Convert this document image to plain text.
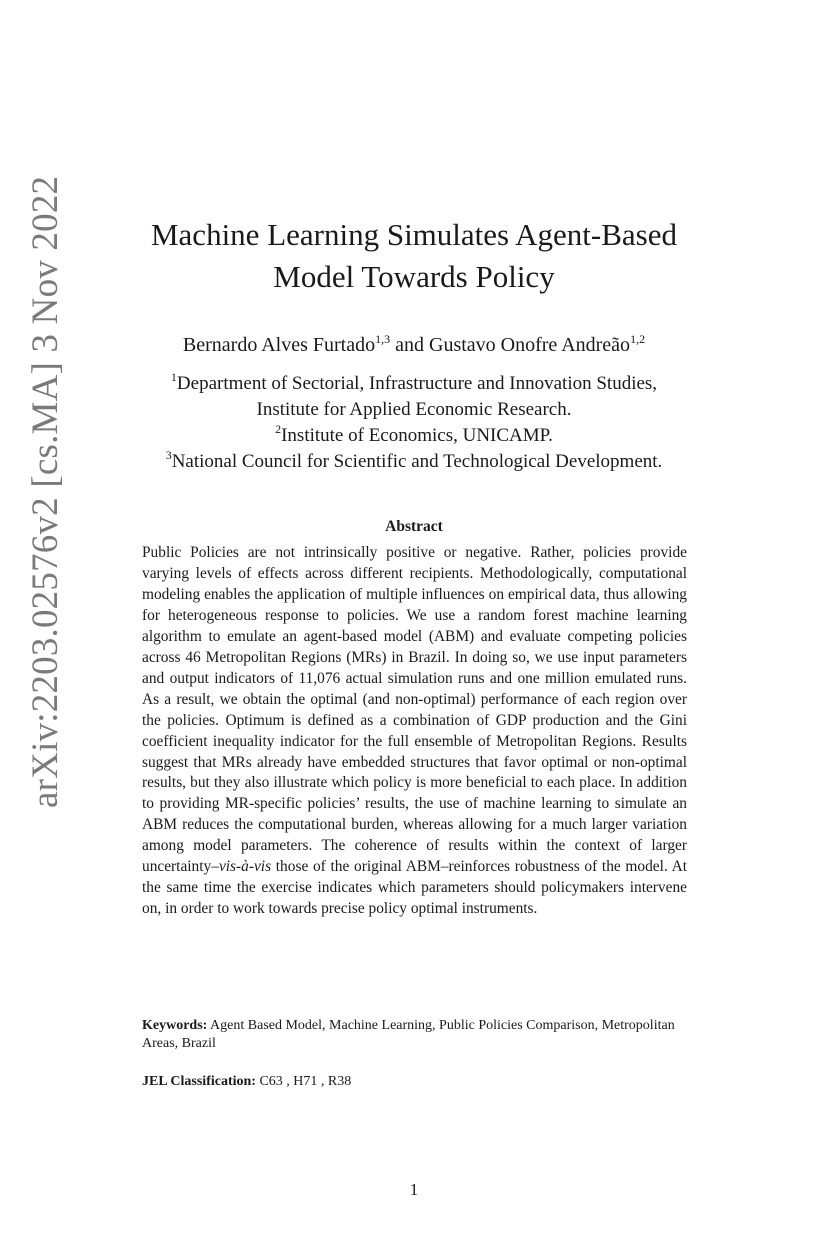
arXiv:2203.02576v2 [cs.MA] 3 Nov 2022	Machine Learning Simulates Agent-Based
Model Towards Policy
Bernardo Alves Furtado$^{1,3}$ and Gustavo Onofre Andreão$^{1,2}$
$^1$Department of Sectorial, Infrastructure and Innovation Studies,
Institute for Applied Economic Research.
$^2$Institute of Economics, UNICAMP.
$^3$National Council for Scientific and Technological Development.
Abstract

Public Policies are not intrinsically positive or negative. Rather, policies provide varying levels of effects across different recipients. Methodologically, computational modeling enables the application of multiple influences on empirical data, thus allowing for heterogeneous response to policies. We use a random forest machine learning algorithm to emulate an agent-based model (ABM) and evaluate competing policies across 46 Metropolitan Regions (MRs) in Brazil. In doing so, we use input parameters and output indicators of 11,076 actual simulation runs and one million emulated runs. As a result, we obtain the optimal (and non-optimal) performance of each region over the policies. Optimum is defined as a combination of GDP production and the Gini coefficient inequality indicator for the full ensemble of Metropolitan Regions. Results suggest that MRs already have embedded structures that favor optimal or non-optimal results, but they also illustrate which policy is more beneficial to each place. In addition to providing MR-specific policies’ results, the use of machine learning to simulate an ABM reduces the computational burden, whereas allowing for a much larger variation among model parameters. The coherence of results within the context of larger uncertainty–vis-à-vis those of the original ABM–reinforces robustness of the model. At the same time the exercise indicates which parameters should policymakers intervene on, in order to work towards precise policy optimal instruments.

Keywords: Agent Based Model, Machine Learning, Public Policies Comparison, Metropolitan Areas, Brazil
JEL Classification: C63 , H71 , R38
1
